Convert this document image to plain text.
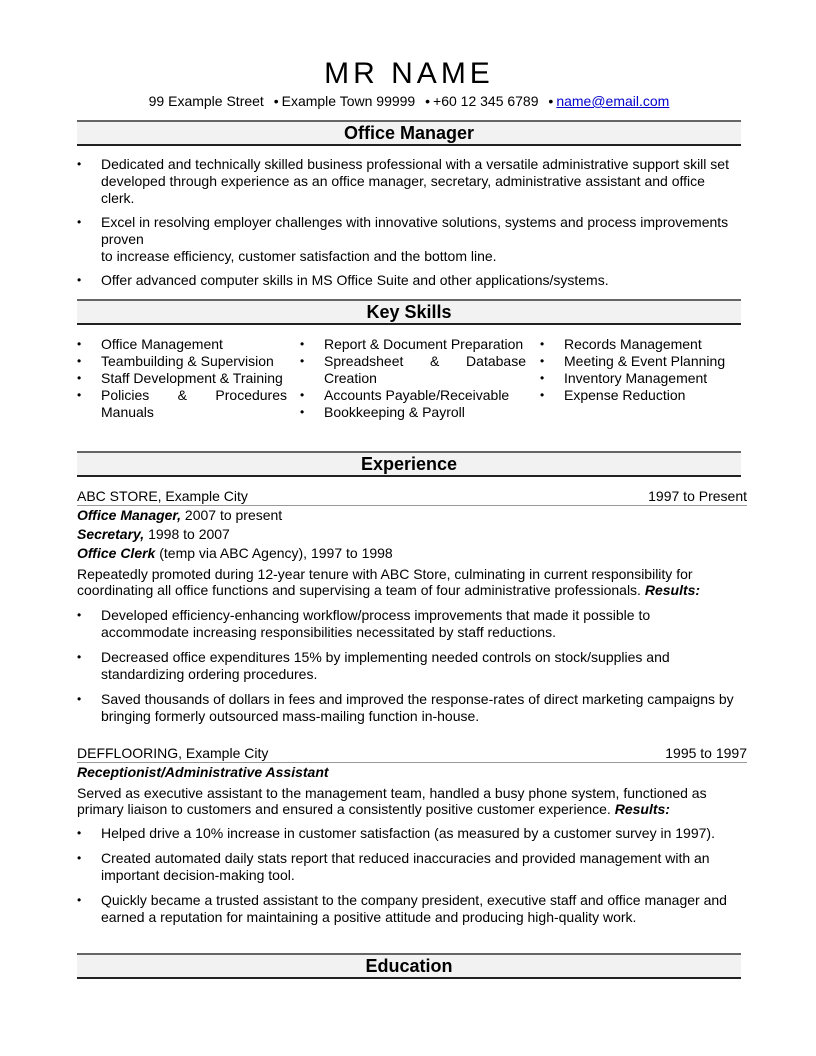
MR NAME
99 Example Street • Example Town 99999 • +60 12 345 6789 • name@email.com
Office Manager
• Dedicated and technically skilled business professional with a versatile administrative support skill set developed through experience as an office manager, secretary, administrative assistant and office clerk.
• Excel in resolving employer challenges with innovative solutions, systems and process improvements proven
to increase efficiency, customer satisfaction and the bottom line.
• Offer advanced computer skills in MS Office Suite and other applications/systems.
Key Skills
• Office Management
• Teambuilding & Supervision
• Staff Development & Training
• Policies & Procedures Manuals
• Report & Document Preparation
• Spreadsheet & Database Creation
• Accounts Payable/Receivable
• Bookkeeping & Payroll
• Records Management
• Meeting & Event Planning
• Inventory Management
• Expense Reduction
Experience
ABC STORE, Example City	1997 to Present
Office Manager, 2007 to present
Secretary, 1998 to 2007
Office Clerk (temp via ABC Agency), 1997 to 1998
Repeatedly promoted during 12-year tenure with ABC Store, culminating in current responsibility for coordinating all office functions and supervising a team of four administrative professionals. Results:
• Developed efficiency-enhancing workflow/process improvements that made it possible to accommodate increasing responsibilities necessitated by staff reductions.
• Decreased office expenditures 15% by implementing needed controls on stock/supplies and standardizing ordering procedures.
• Saved thousands of dollars in fees and improved the response-rates of direct marketing campaigns by bringing formerly outsourced mass-mailing function in-house.
DEFFLOORING, Example City	1995 to 1997
Receptionist/Administrative Assistant
Served as executive assistant to the management team, handled a busy phone system, functioned as primary liaison to customers and ensured a consistently positive customer experience. Results:
• Helped drive a 10% increase in customer satisfaction (as measured by a customer survey in 1997).
• Created automated daily stats report that reduced inaccuracies and provided management with an important decision-making tool.
• Quickly became a trusted assistant to the company president, executive staff and office manager and earned a reputation for maintaining a positive attitude and producing high-quality work.
Education
